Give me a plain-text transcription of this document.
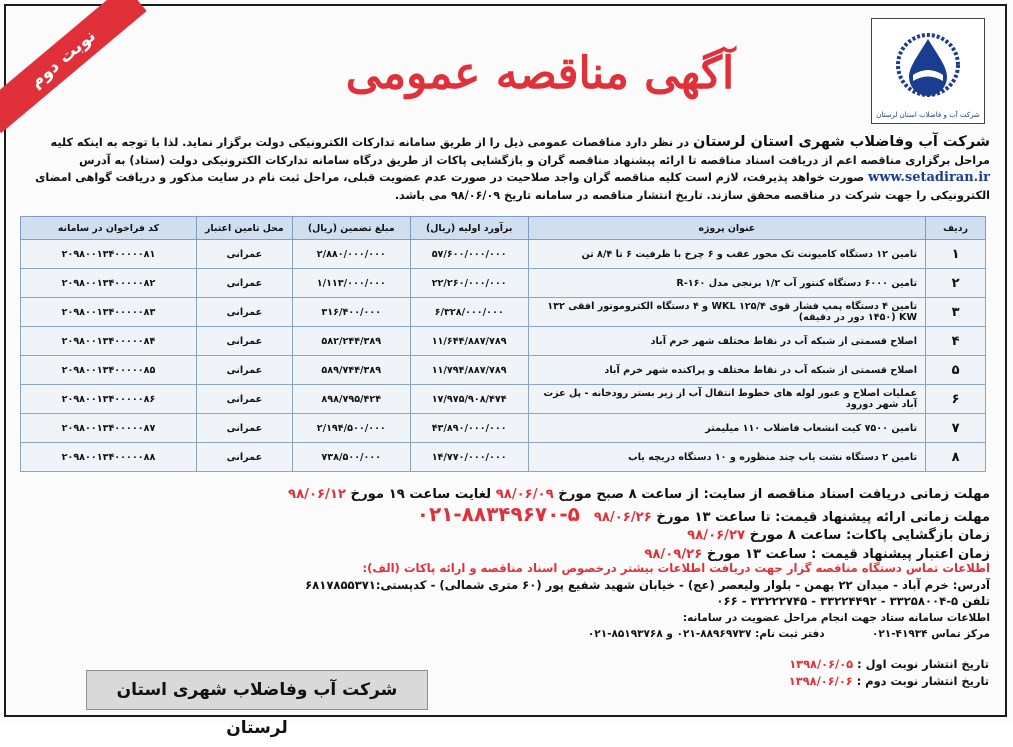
نوبت دوم	آگهی مناقصه عمومی
شرکت آب و فاضلاب استان لرستان
شرکت آب وفاضلاب شهری استان لرستان در نظر دارد مناقصات عمومی ذیل را از طریق سامانه تدارکات الکترونیکی دولت برگزار نماید. لذا با توجه به اینکه کلیه مراحل برگزاری مناقصه اعم از دریافت اسناد مناقصه تا ارائه پیشنهاد مناقصه گران و بازگشایی پاکات از طریق درگاه سامانه تدارکات الکترونیکی دولت (ستاد) به آدرس www.setadiran.ir صورت خواهد پذیرفت، لازم است کلیه مناقصه گران واجد صلاحیت در صورت عدم عضویت قبلی، مراحل ثبت نام در سایت مذکور و دریافت گواهی امضای الکترونیکی را جهت شرکت در مناقصه محقق سازند. تاریخ انتشار مناقصه در سامانه تاریخ ۹۸/۰۶/۰۹ می باشد.
ردیف	عنوان پروژه	برآورد اولیه (ریال)	مبلغ تضمین (ریال)	محل تامین اعتبار	کد فراخوان در سامانه
۱	تامین ۱۲ دستگاه کامیونت تک محور عقب و ۶ چرخ با ظرفیت ۶ تا ۸/۴ تن	۵۷/۶۰۰/۰۰۰/۰۰۰	۲/۸۸۰/۰۰۰/۰۰۰	عمرانی	۲۰۹۸۰۰۱۳۴۰۰۰۰۰۸۱
۲	تامین ۶۰۰۰ دستگاه کنتور آب ۱/۲ برنجی مدل ۱۶۰-R	۲۲/۲۶۰/۰۰۰/۰۰۰	۱/۱۱۳/۰۰۰/۰۰۰	عمرانی	۲۰۹۸۰۰۱۳۴۰۰۰۰۰۸۲
۳	تامین ۴ دستگاه پمپ فشار قوی ۱۲۵/۴ WKL و ۴ دستگاه الکتروموتور افقی ۱۳۲ KW (۱۴۵۰ دور در دقیقه)	۶/۳۲۸/۰۰۰/۰۰۰	۳۱۶/۴۰۰/۰۰۰	عمرانی	۲۰۹۸۰۰۱۳۴۰۰۰۰۰۸۳
۴	اصلاح قسمتی از شبکه آب در نقاط مختلف شهر خرم آباد	۱۱/۶۴۴/۸۸۷/۷۸۹	۵۸۲/۲۴۴/۳۸۹	عمرانی	۲۰۹۸۰۰۱۳۴۰۰۰۰۰۸۴
۵	اصلاح قسمتی از شبکه آب در نقاط مختلف و پراکنده شهر خرم آباد	۱۱/۷۹۴/۸۸۷/۷۸۹	۵۸۹/۷۴۴/۳۸۹	عمرانی	۲۰۹۸۰۰۱۳۴۰۰۰۰۰۸۵
۶	عملیات اصلاح و عبور لوله های خطوط انتقال آب از زیر بستر رودخانه - پل عزت آباد شهر دورود	۱۷/۹۷۵/۹۰۸/۴۷۴	۸۹۸/۷۹۵/۴۲۴	عمرانی	۲۰۹۸۰۰۱۳۴۰۰۰۰۰۸۶
۷	تامین ۷۵۰۰ کیت انشعاب فاضلاب ۱۱۰ میلیمتر	۴۳/۸۹۰/۰۰۰/۰۰۰	۲/۱۹۴/۵۰۰/۰۰۰	عمرانی	۲۰۹۸۰۰۱۳۴۰۰۰۰۰۸۷
۸	تامین ۲ دستگاه نشت یاب چند منظوره و ۱۰ دستگاه دریچه یاب	۱۴/۷۷۰/۰۰۰/۰۰۰	۷۳۸/۵۰۰/۰۰۰	عمرانی	۲۰۹۸۰۰۱۳۴۰۰۰۰۰۸۸
مهلت زمانی دریافت اسناد مناقصه از سایت: از ساعت ۸ صبح مورخ ۹۸/۰۶/۰۹ لغایت ساعت ۱۹ مورخ ۹۸/۰۶/۱۲
مهلت زمانی ارائه پیشنهاد قیمت: تا ساعت ۱۳ مورخ ۹۸/۰۶/۲۶۰۲۱-۸۸۳۴۹۶۷۰-۵
زمان بازگشایی پاکات: ساعت ۸ مورخ ۹۸/۰۶/۲۷
زمان اعتبار پیشنهاد قیمت : ساعت ۱۳ مورخ ۹۸/۰۹/۲۶
اطلاعات تماس دستگاه مناقصه گزار جهت دریافت اطلاعات بیشتر درخصوص اسناد مناقصه و ارائه پاکات (الف):
آدرس: خرم آباد - میدان ۲۲ بهمن - بلوار ولیعصر (عج) - خیابان شهید شفیع پور (۶۰ متری شمالی) - کدپستی:۶۸۱۷۸۵۵۳۷۱
تلفن ۵-۳۳۲۵۸۰۰۴ - ۳۳۲۲۴۴۹۲ - ۳۳۲۲۲۷۴۵ - ۰۶۶
اطلاعات سامانه ستاد جهت انجام مراحل عضویت در سامانه:
مرکز تماس ۴۱۹۳۴-۰۲۱  دفتر ثبت نام: ۸۸۹۶۹۷۳۷-۰۲۱ و ۸۵۱۹۳۷۶۸-۰۲۱
تاریخ انتشار نوبت اول : ۱۳۹۸/۰۶/۰۵
تاریخ انتشار نوبت دوم : ۱۳۹۸/۰۶/۰۶
شرکت آب وفاضلاب شهری استان لرستان
